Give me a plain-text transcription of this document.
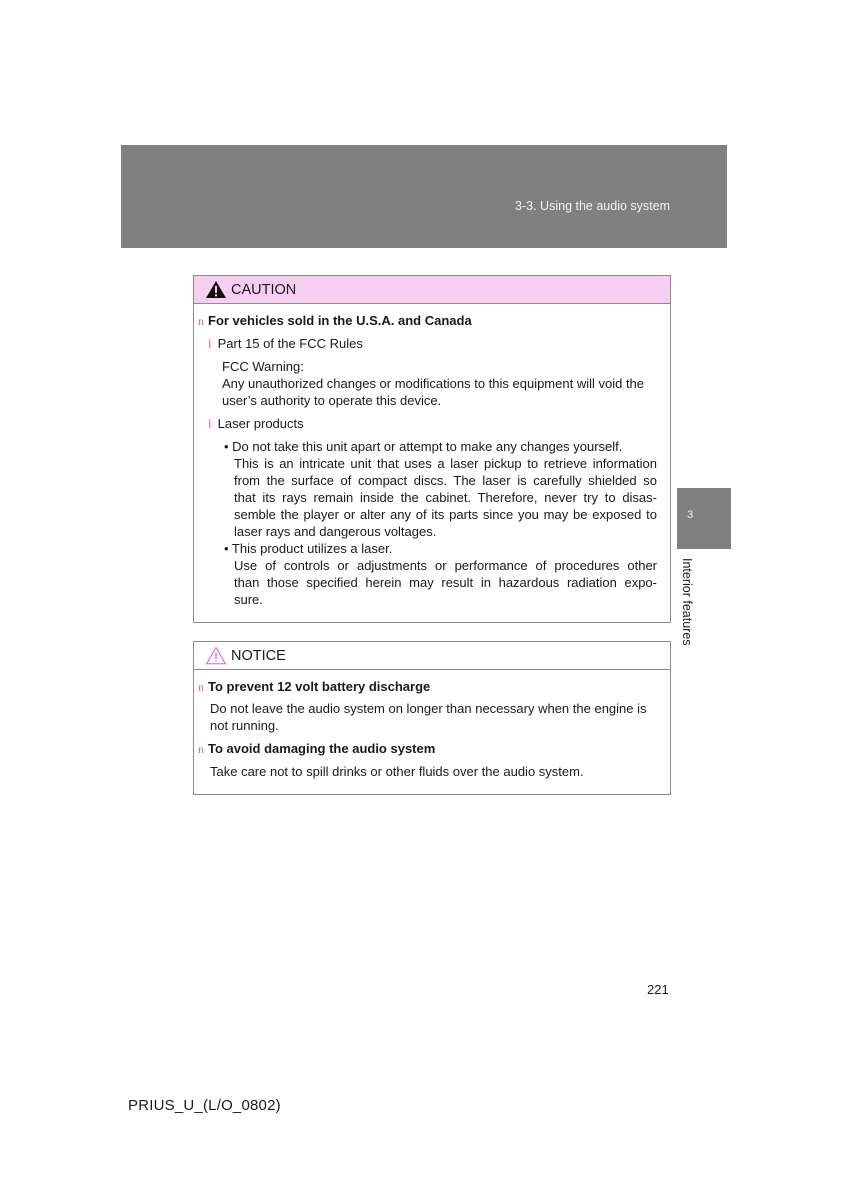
3-3. Using the audio system
3
Interior features
CAUTION
n For vehicles sold in the U.S.A. and Canada
l Part 15 of the FCC Rules
FCC Warning:
Any unauthorized changes or modifications to this equipment will void the
user’s authority to operate this device.
l Laser products
• Do not take this unit apart or attempt to make any changes yourself.
This is an intricate unit that uses a laser pickup to retrieve information
from the surface of compact discs. The laser is carefully shielded so
that its rays remain inside the cabinet. Therefore, never try to disas-
semble the player or alter any of its parts since you may be exposed to
laser rays and dangerous voltages.
• This product utilizes a laser.
Use of controls or adjustments or performance of procedures other
than those specified herein may result in hazardous radiation expo-
sure.
NOTICE
n To prevent 12 volt battery discharge
Do not leave the audio system on longer than necessary when the engine is
not running.
n To avoid damaging the audio system
Take care not to spill drinks or other fluids over the audio system.
221
PRIUS_U_(L/O_0802)
